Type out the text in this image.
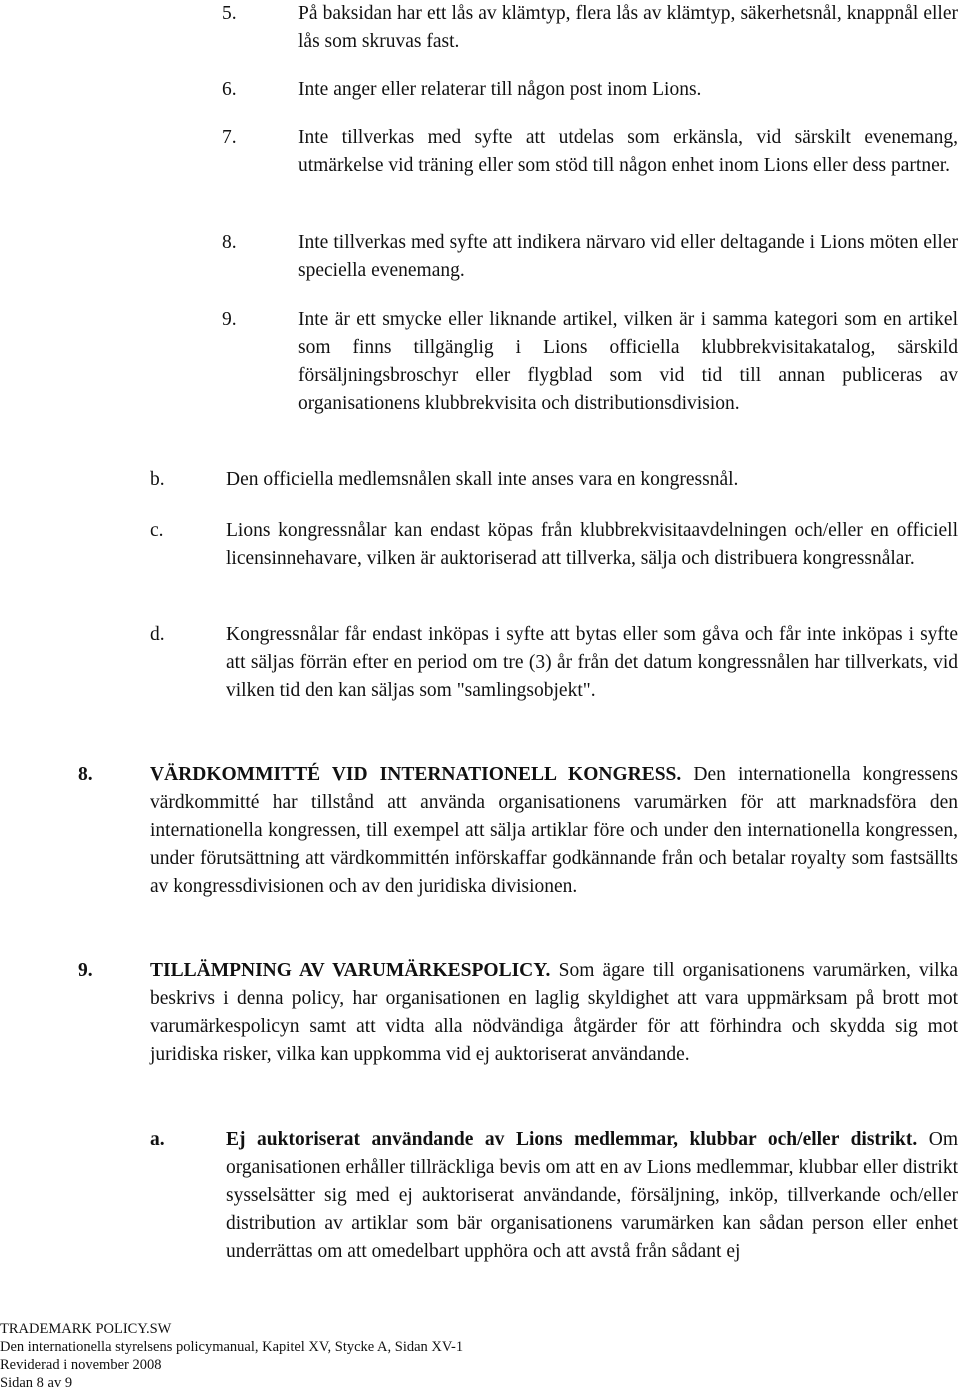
5.	På baksidan har ett lås av klämtyp, flera lås av klämtyp, säkerhetsnål, knappnål eller lås som skruvas fast.
6.	Inte anger eller relaterar till någon post inom Lions.
7.	Inte tillverkas med syfte att utdelas som erkänsla, vid särskilt evenemang, utmärkelse vid träning eller som stöd till någon enhet inom Lions eller dess partner.
8.	Inte tillverkas med syfte att indikera närvaro vid eller deltagande i Lions möten eller speciella evenemang.
9.	Inte är ett smycke eller liknande artikel, vilken är i samma kategori som en artikel som finns tillgänglig i Lions officiella klubbrekvisitakatalog, särskild försäljningsbroschyr eller flygblad som vid tid till annan publiceras av organisationens klubbrekvisita och distributionsdivision.
b.	Den officiella medlemsnålen skall inte anses vara en kongressnål.
c.	Lions kongressnålar kan endast köpas från klubbrekvisitaavdelningen och/eller en officiell licensinnehavare, vilken är auktoriserad att tillverka, sälja och distribuera kongressnålar.
d.	Kongressnålar får endast inköpas i syfte att bytas eller som gåva och får inte inköpas i syfte att säljas förrän efter en period om tre (3) år från det datum kongressnålen har tillverkats, vid vilken tid den kan säljas som "samlingsobjekt".
8.	VÄRDKOMMITTÉ VID INTERNATIONELL KONGRESS. Den internationella kongressens värdkommitté har tillstånd att använda organisationens varumärken för att marknadsföra den internationella kongressen, till exempel att sälja artiklar före och under den internationella kongressen, under förutsättning att värdkommittén införskaffar godkännande från och betalar royalty som fastsällts av kongressdivisionen och av den juridiska divisionen.
9.	TILLÄMPNING AV VARUMÄRKESPOLICY. Som ägare till organisationens varumärken, vilka beskrivs i denna policy, har organisationen en laglig skyldighet att vara uppmärksam på brott mot varumärkespolicyn samt att vidta alla nödvändiga åtgärder för att förhindra och skydda sig mot juridiska risker, vilka kan uppkomma vid ej auktoriserat användande.
a.	Ej auktoriserat användande av Lions medlemmar, klubbar och/eller distrikt. Om organisationen erhåller tillräckliga bevis om att en av Lions medlemmar, klubbar eller distrikt sysselsätter sig med ej auktoriserat användande, försäljning, inköp, tillverkande och/eller distribution av artiklar som bär organisationens varumärken kan sådan person eller enhet underrättas om att omedelbart upphöra och att avstå från sådant ej
TRADEMARK POLICY.SW
Den internationella styrelsens policymanual, Kapitel XV, Stycke A, Sidan XV-1
Reviderad i november 2008
Sidan 8 av 9
